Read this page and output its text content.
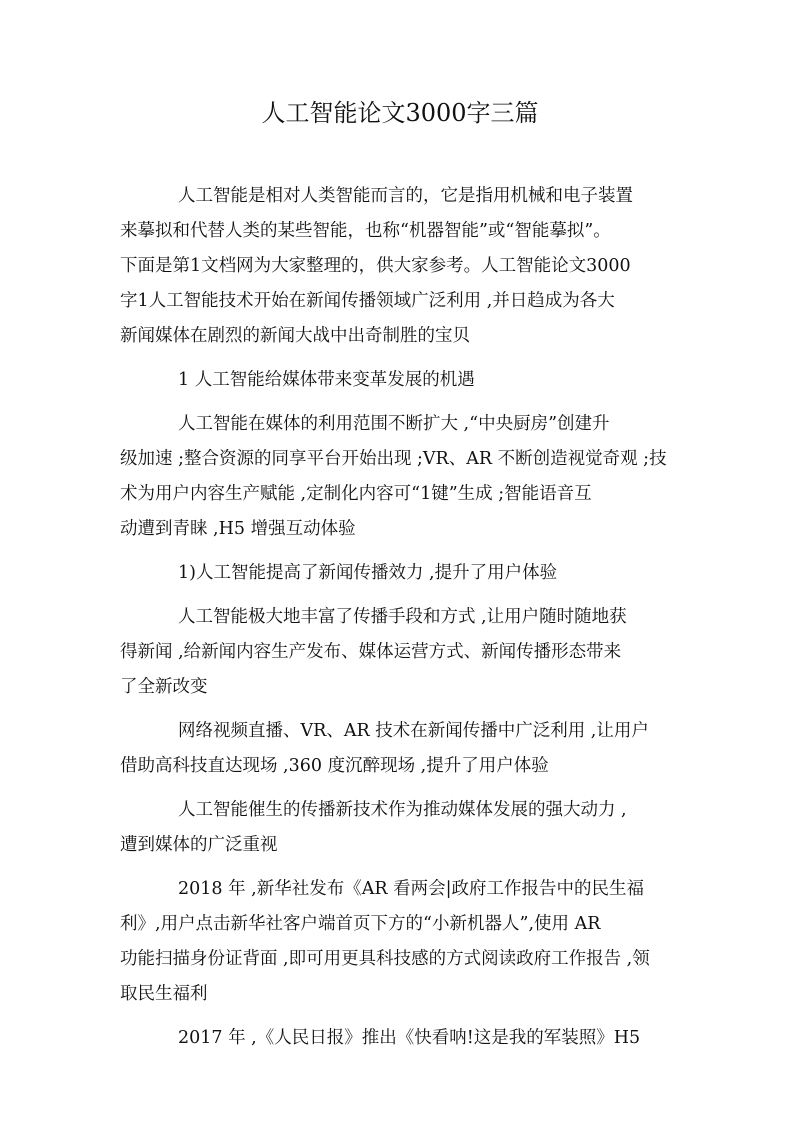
人工智能论文3000字三篇
人工智能是相对人类智能而言的，它是指用机械和电子装置
来摹拟和代替人类的某些智能，也称“机器智能”或“智能摹拟”。
下面是第1文档网为大家整理的，供大家参考。人工智能论文3000
字1人工智能技术开始在新闻传播领域广泛利用 ,并日趋成为各大
新闻媒体在剧烈的新闻大战中出奇制胜的宝贝
1 人工智能给媒体带来变革发展的机遇
人工智能在媒体的利用范围不断扩大 ,“中央厨房”创建升
级加速 ;整合资源的同享平台开始出现 ;VR、AR 不断创造视觉奇观 ;技
术为用户内容生产赋能 ,定制化内容可“1键”生成 ;智能语音互
动遭到青睐 ,H5 增强互动体验
1)人工智能提高了新闻传播效力 ,提升了用户体验
人工智能极大地丰富了传播手段和方式 ,让用户随时随地获
得新闻 ,给新闻内容生产发布、媒体运营方式、新闻传播形态带来
了全新改变
网络视频直播、VR、AR 技术在新闻传播中广泛利用 ,让用户
借助高科技直达现场 ,360 度沉醉现场 ,提升了用户体验
人工智能催生的传播新技术作为推动媒体发展的强大动力 ,
遭到媒体的广泛重视
2018 年 ,新华社发布《AR 看两会|政府工作报告中的民生福
利》,用户点击新华社客户端首页下方的“小新机器人”,使用 AR
功能扫描身份证背面 ,即可用更具科技感的方式阅读政府工作报告 ,领
取民生福利
2017 年 ,《人民日报》推出《快看呐!这是我的军装照》H5
